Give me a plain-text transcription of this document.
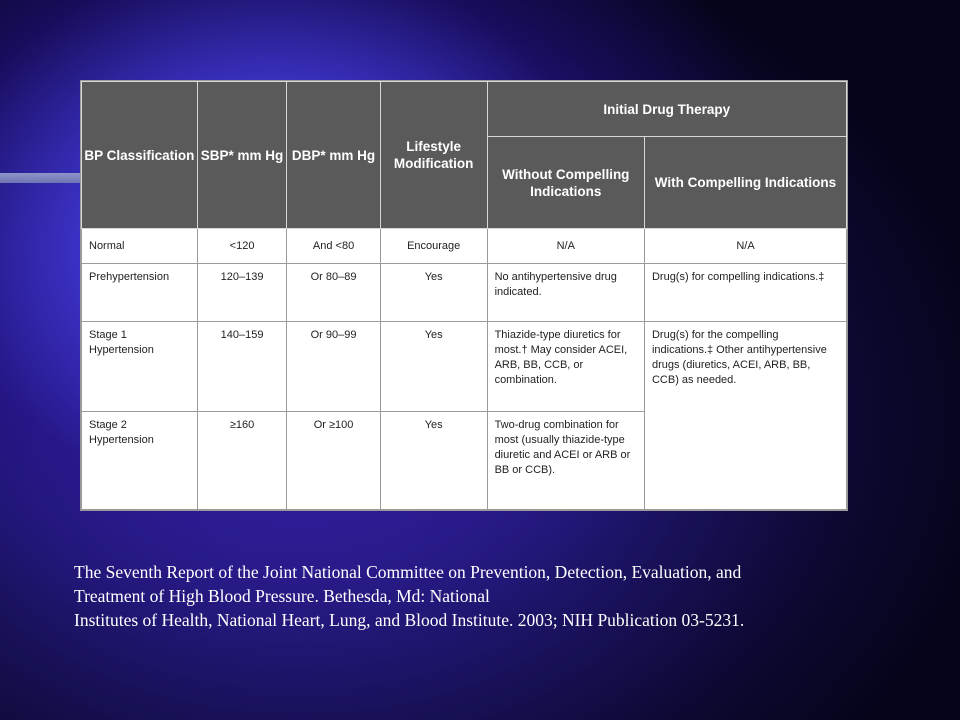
BP Classification	SBP* mm Hg	DBP* mm Hg	Lifestyle Modification	Initial Drug Therapy	
				Without Compelling Indications	With Compelling Indications
Normal	<120	And <80	Encourage	N/A	N/A
Prehypertension	120–139	Or 80–89	Yes	No antihypertensive drug indicated.	Drug(s) for compelling indications.‡
Stage 1 Hypertension	140–159	Or 90–99	Yes	Thiazide-type diuretics for most.† May consider ACEI, ARB, BB, CCB, or combination.	Drug(s) for the compelling indications.‡ Other antihypertensive drugs (diuretics, ACEI, ARB, BB, CCB) as needed.
Stage 2 Hypertension	≥160	Or ≥100	Yes	Two-drug combination for most (usually thiazide-type diuretic and ACEI or ARB or BB or CCB).	
The Seventh Report of the Joint National Committee on Prevention, Detection, Evaluation, and
Treatment of High Blood Pressure. Bethesda, Md: National
Institutes of Health, National Heart, Lung, and Blood Institute. 2003; NIH Publication 03-5231.
